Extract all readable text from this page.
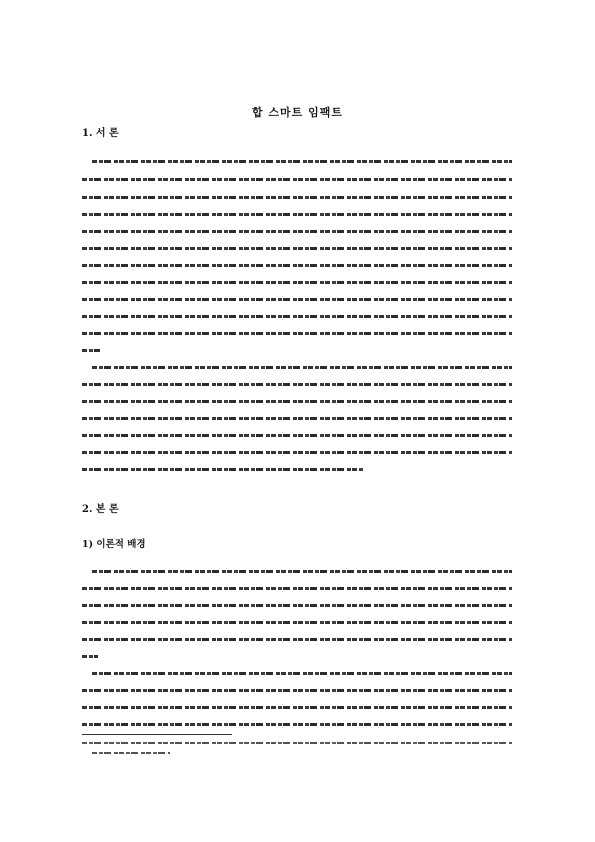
합 스마트 임팩트
1. 서 론
2. 본 론
1) 이론적 배경
